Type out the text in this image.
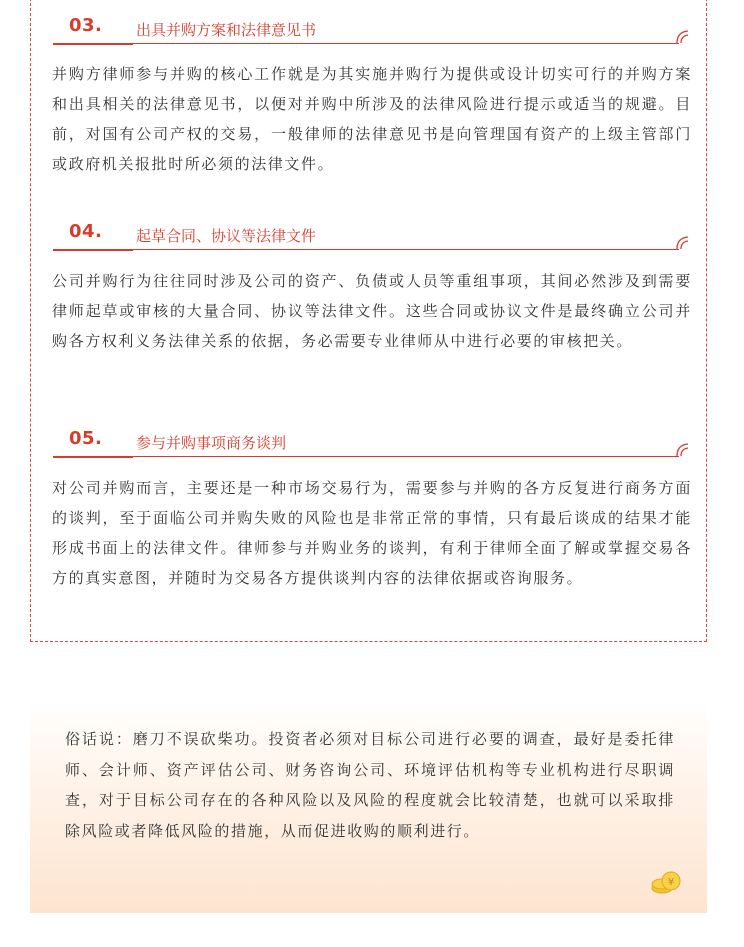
03. 出具并购方案和法律意见书

并购方律师参与并购的核心工作就是为其实施并购行为提供或设计切实可行的并购方案和出具相关的法律意见书，以便对并购中所涉及的法律风险进行提示或适当的规避。目前，对国有公司产权的交易，一般律师的法律意见书是向管理国有资产的上级主管部门或政府机关报批时所必须的法律文件。

04. 起草合同、协议等法律文件

公司并购行为往往同时涉及公司的资产、负债或人员等重组事项，其间必然涉及到需要律师起草或审核的大量合同、协议等法律文件。这些合同或协议文件是最终确立公司并购各方权利义务法律关系的依据，务必需要专业律师从中进行必要的审核把关。

05. 参与并购事项商务谈判

对公司并购而言，主要还是一种市场交易行为，需要参与并购的各方反复进行商务方面的谈判，至于面临公司并购失败的风险也是非常正常的事情，只有最后谈成的结果才能形成书面上的法律文件。律师参与并购业务的谈判，有利于律师全面了解或掌握交易各方的真实意图，并随时为交易各方提供谈判内容的法律依据或咨询服务。

俗话说：磨刀不误砍柴功。投资者必须对目标公司进行必要的调查，最好是委托律师、会计师、资产评估公司、财务咨询公司、环境评估机构等专业机构进行尽职调查，对于目标公司存在的各种风险以及风险的程度就会比较清楚，也就可以采取排除风险或者降低风险的措施，从而促进收购的顺利进行。

¥
